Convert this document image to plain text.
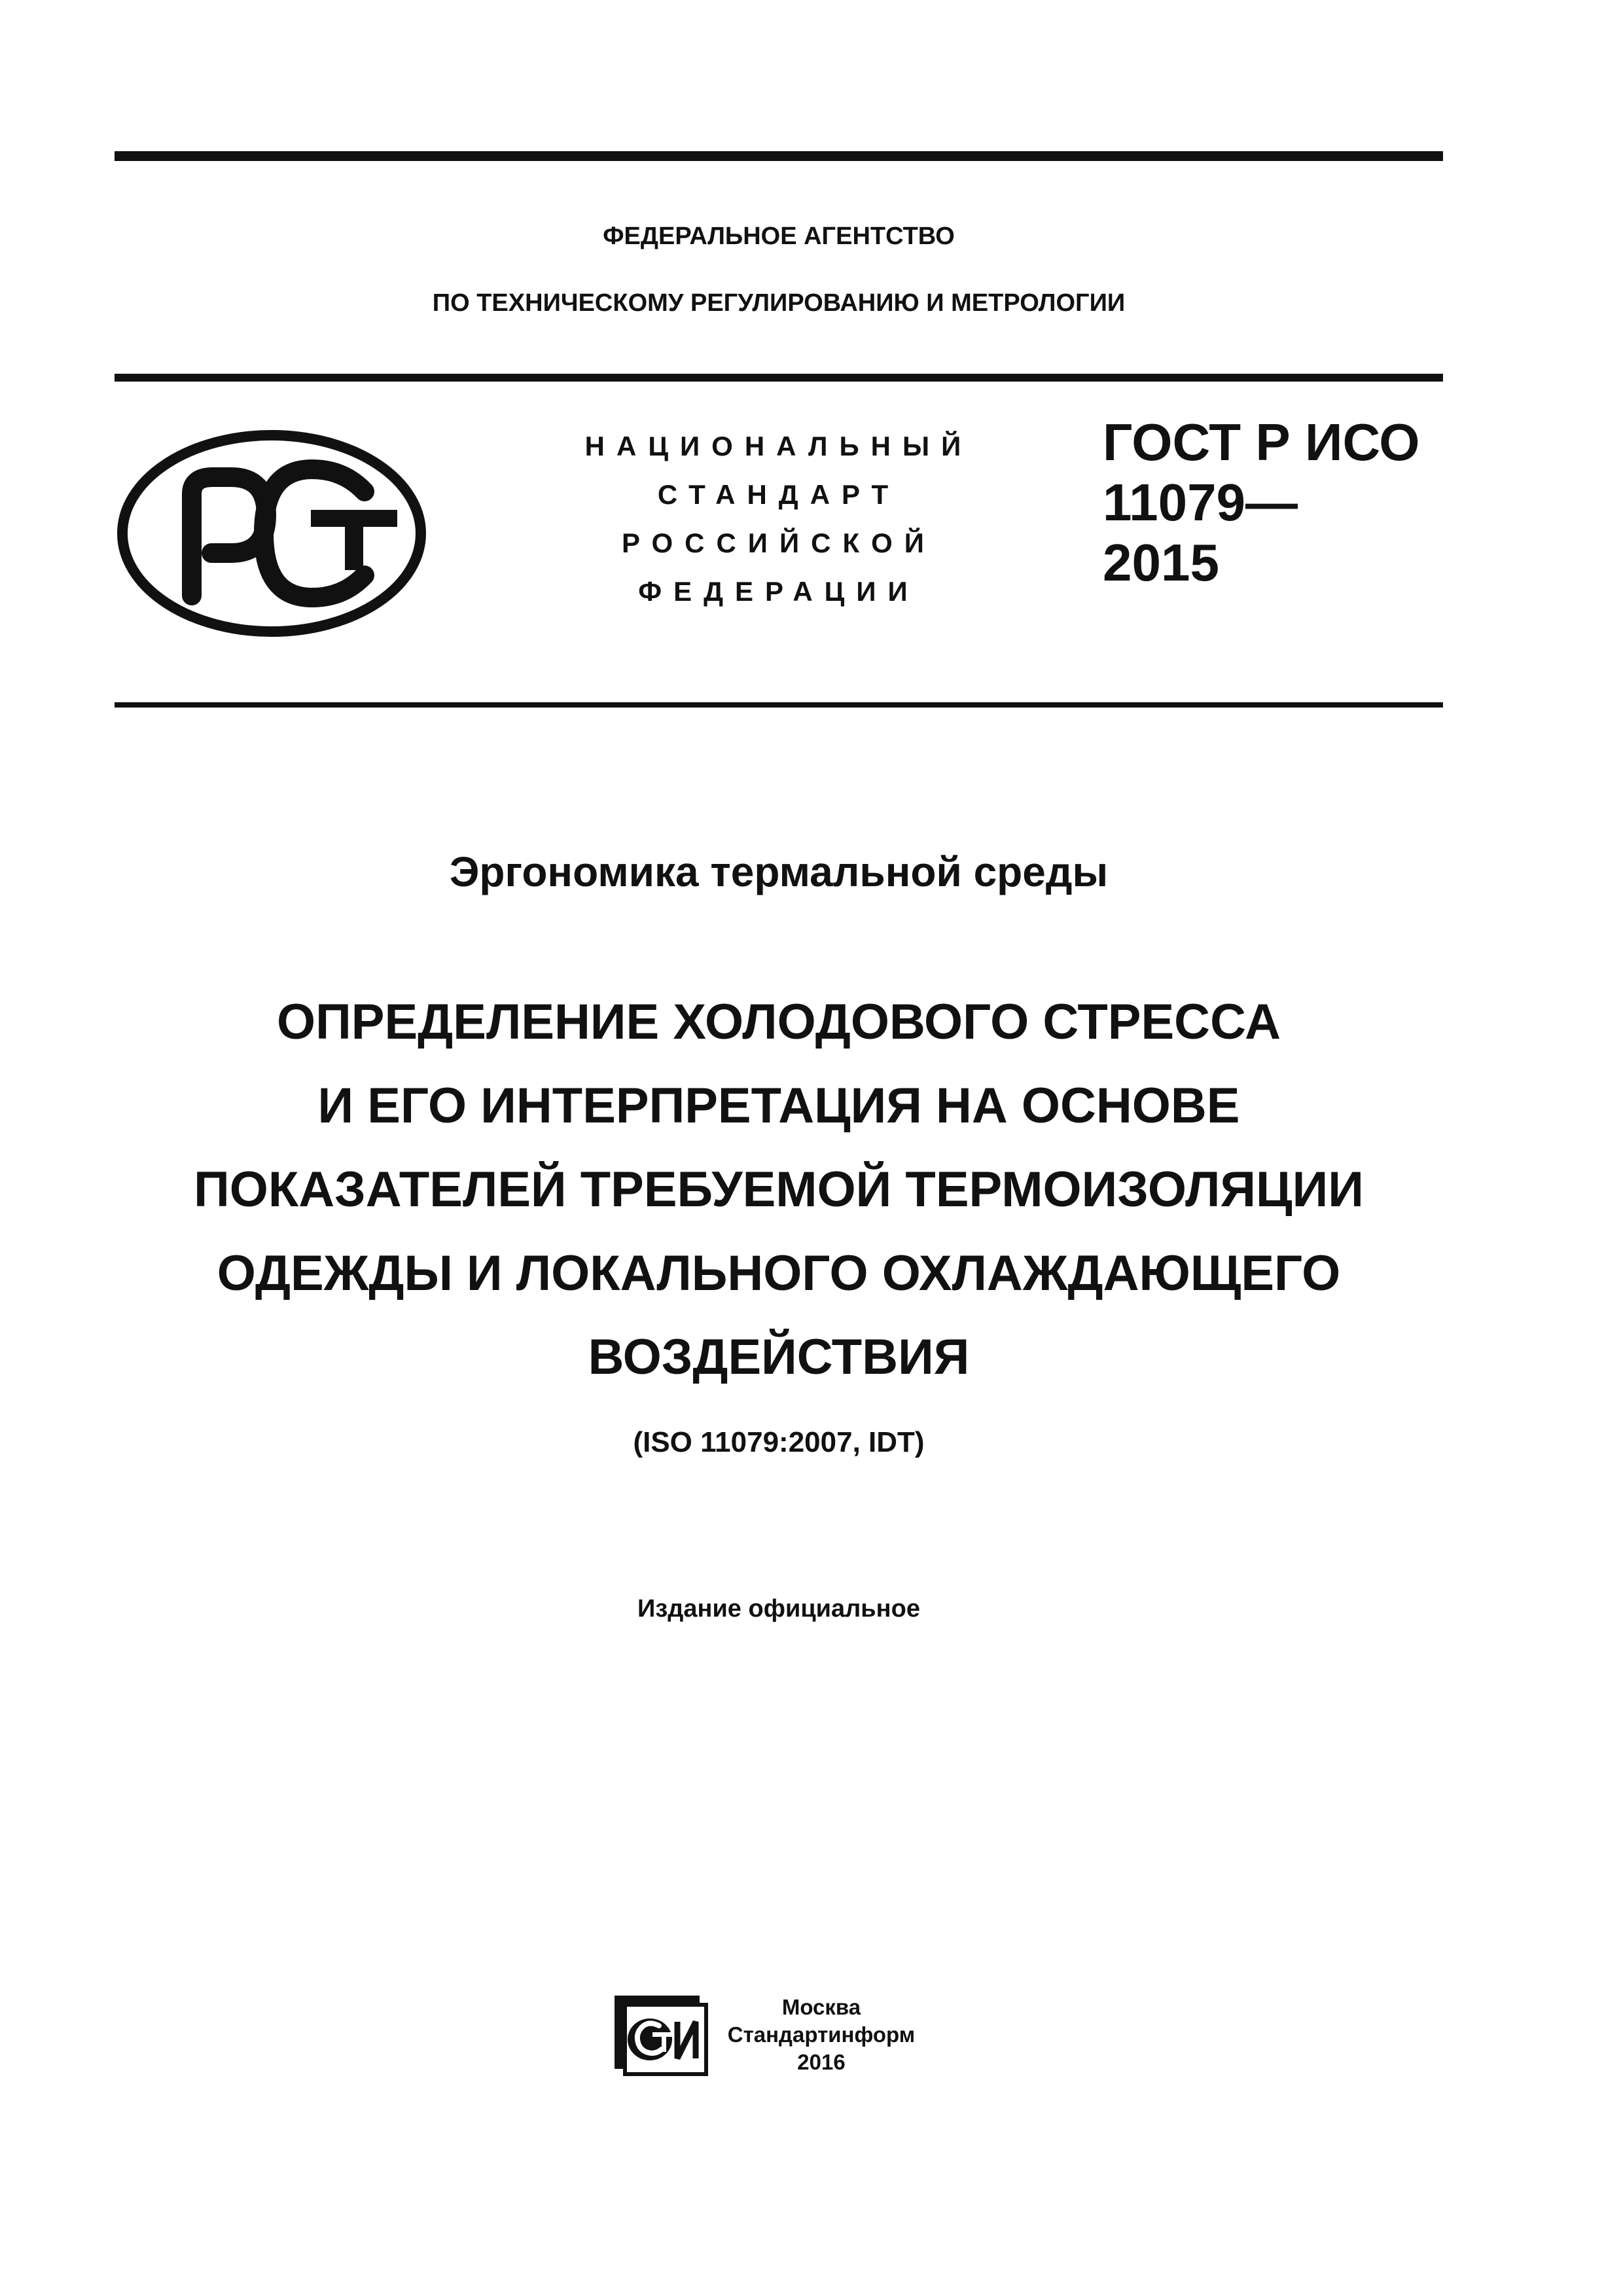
ФЕДЕРАЛЬНОЕ АГЕНТСТВО
ПО ТЕХНИЧЕСКОМУ РЕГУЛИРОВАНИЮ И МЕТРОЛОГИИ
НАЦИОНАЛЬНЫЙ
СТАНДАРТ
РОССИЙСКОЙ
ФЕДЕРАЦИИ
ГОСТ Р ИСО
11079—
2015
Эргономика термальной среды
ОПРЕДЕЛЕНИЕ ХОЛОДОВОГО СТРЕССА
И ЕГО ИНТЕРПРЕТАЦИЯ НА ОСНОВЕ
ПОКАЗАТЕЛЕЙ ТРЕБУЕМОЙ ТЕРМОИЗОЛЯЦИИ
ОДЕЖДЫ И ЛОКАЛЬНОГО ОХЛАЖДАЮЩЕГО
ВОЗДЕЙСТВИЯ
(ISO 11079:2007, IDT)
Издание официальное
Москва
Стандартинформ
2016
